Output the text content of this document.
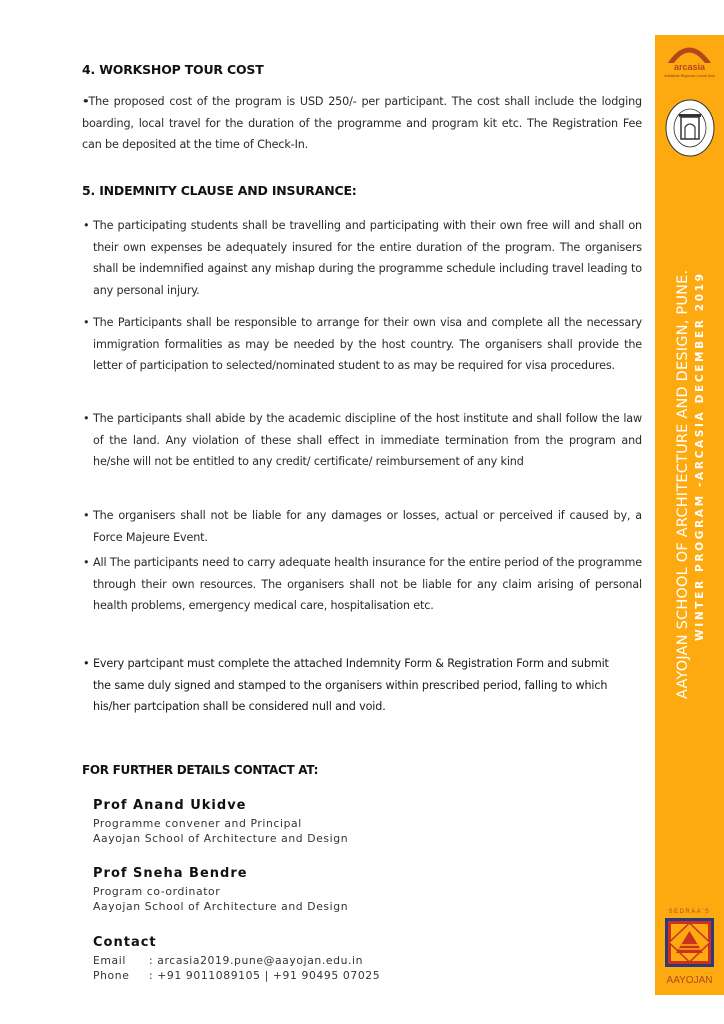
4. WORKSHOP TOUR COST
• •The proposed cost of the program is USD 250/- per participant. The cost shall include the lodging boarding, local travel for the duration of the programme and program kit etc. The Registration Fee can be deposited at the time of Check-In.
5. INDEMNITY CLAUSE AND INSURANCE:
• The participating students shall be travelling and participating with their own free will and shall on their own expenses be adequately insured for the entire duration of the program. The organisers shall be indemnified against any mishap during the programme schedule including travel leading to any personal injury.
• The Participants shall be responsible to arrange for their own visa and complete all the necessary immigration formalities as may be needed by the host country. The organisers shall provide the letter of participation to selected/nominated student to as may be required for visa procedures.
• The participants shall abide by the academic discipline of the host institute and shall follow the law of the land. Any violation of these shall effect in immediate termination from the program and he/she will not be entitled to any credit/ certificate/ reimbursement of any kind
• The organisers shall not be liable for any damages or losses, actual or perceived if caused by, a Force Majeure Event.
• All The participants need to carry adequate health insurance for the entire period of the programme through their own resources. The organisers shall not be liable for any claim arising of personal health problems, emergency medical care, hospitalisation etc.
• Every partcipant must complete the attached Indemnity Form & Registration Form and submit the same duly signed and stamped to the organisers within prescribed period, falling to which his/her partcipation shall be considered null and void.
FOR FURTHER DETAILS CONTACT AT:
Prof Anand Ukidve
Programme convener and Principal
Aayojan School of Architecture and Design
Prof Sneha Bendre
Program co-ordinator
Aayojan School of Architecture and Design
Contact
Email	: arcasia2019.pune@aayojan.edu.in
Phone	: +91 9011089105 | +91 90495 07025
arcasia
Architects Regional Council Asia
AAYOJAN SCHOOL OF ARCHITECTURE AND DESIGN, PUNE. WINTER PROGRAM -ARCASIA DECEMBER 2019
SEDRAA'S
AAYOJAN
